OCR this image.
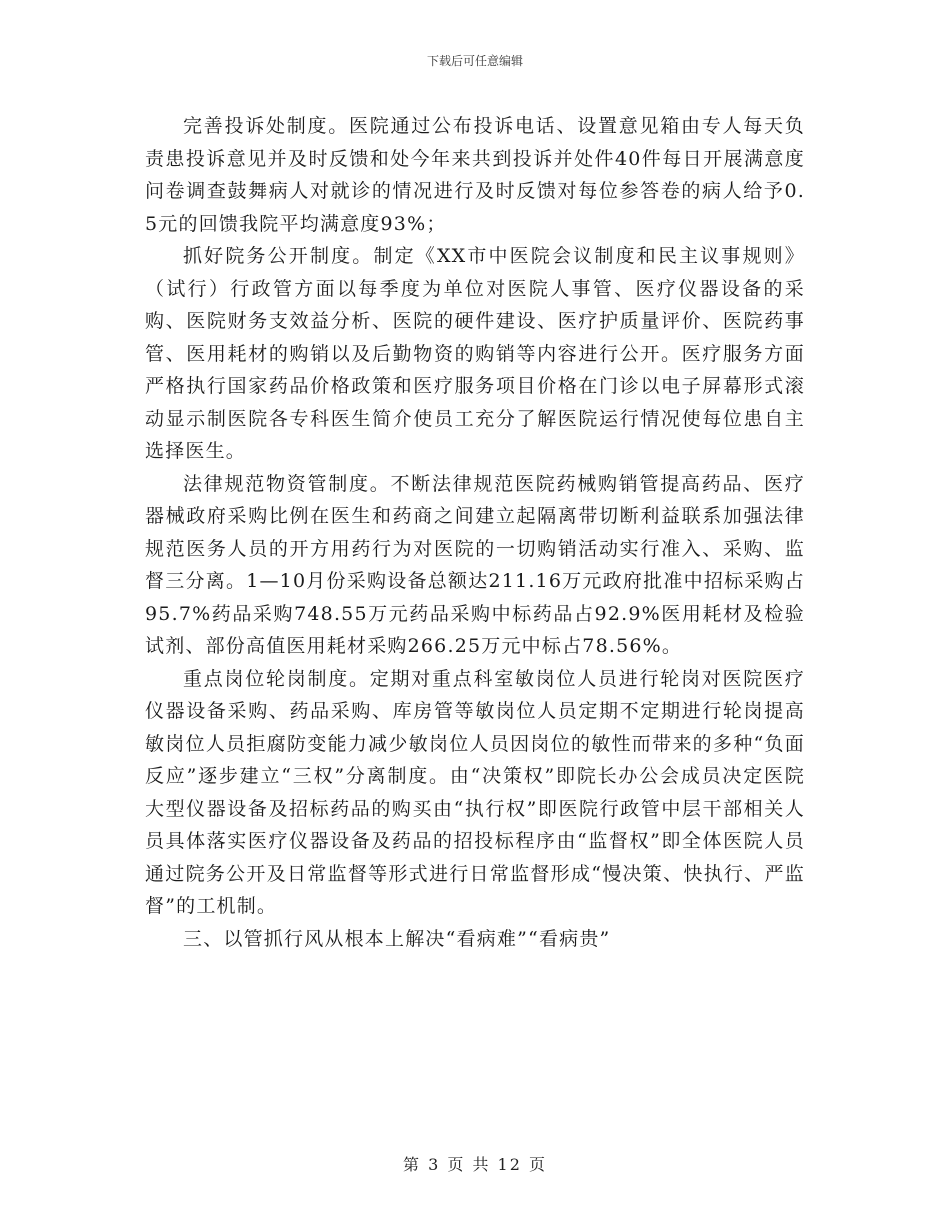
下载后可任意编辑

完善投诉处制度。医院通过公布投诉电话、设置意见箱由专人每天负责患投诉意见并及时反馈和处今年来共到投诉并处件40件每日开展满意度问卷调查鼓舞病人对就诊的情况进行及时反馈对每位参答卷的病人给予0.5元的回馈我院平均满意度93%；

抓好院务公开制度。制定《XX市中医院会议制度和民主议事规则》（试行）行政管方面以每季度为单位对医院人事管、医疗仪器设备的采购、医院财务支效益分析、医院的硬件建设、医疗护质量评价、医院药事管、医用耗材的购销以及后勤物资的购销等内容进行公开。医疗服务方面严格执行国家药品价格政策和医疗服务项目价格在门诊以电子屏幕形式滚动显示制医院各专科医生简介使员工充分了解医院运行情况使每位患自主选择医生。

法律规范物资管制度。不断法律规范医院药械购销管提高药品、医疗器械政府采购比例在医生和药商之间建立起隔离带切断利益联系加强法律规范医务人员的开方用药行为对医院的一切购销活动实行准入、采购、监督三分离。1—10月份采购设备总额达211.16万元政府批准中招标采购占95.7%药品采购748.55万元药品采购中标药品占92.9%医用耗材及检验试剂、部份高值医用耗材采购266.25万元中标占78.56%。

重点岗位轮岗制度。定期对重点科室敏岗位人员进行轮岗对医院医疗仪器设备采购、药品采购、库房管等敏岗位人员定期不定期进行轮岗提高敏岗位人员拒腐防变能力减少敏岗位人员因岗位的敏性而带来的多种“负面反应”逐步建立“三权”分离制度。由“决策权”即院长办公会成员决定医院大型仪器设备及招标药品的购买由“执行权”即医院行政管中层干部相关人员具体落实医疗仪器设备及药品的招投标程序由“监督权”即全体医院人员通过院务公开及日常监督等形式进行日常监督形成“慢决策、快执行、严监督”的工机制。

三、以管抓行风从根本上解决“看病难”“看病贵”

第 3 页 共 12 页
